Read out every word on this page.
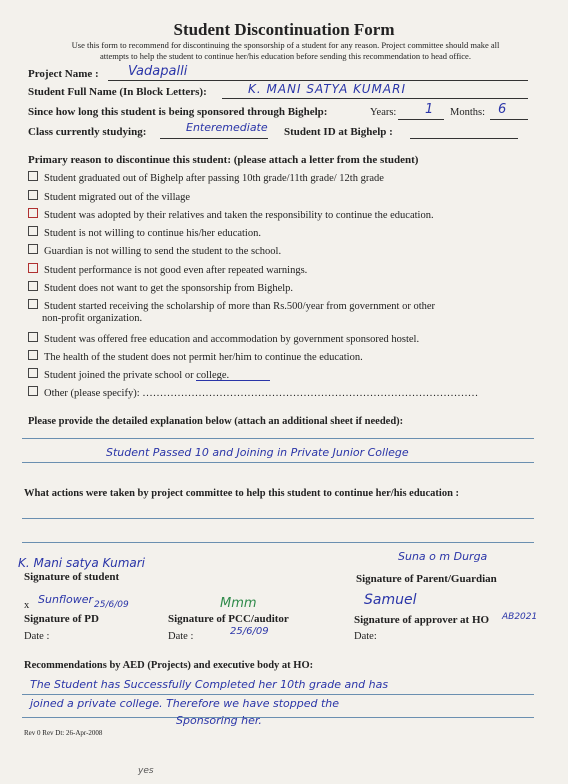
Student Discontinuation Form
Use this form to recommend for discontinuing the sponsorship of a student for any reason. Project committee should make all
attempts to help the student to continue her/his education before sending this recommendation to head office.
Project Name : Vadapalli
Student Full Name (In Block Letters):	K. MANI SATYA KUMARI
Since how long this student is being sponsored through Bighelp:	Years: 1 Months: 6
Class currently studying:	Enteremediate Student ID at Bighelp :
Primary reason to discontinue this student: (please attach a letter from the student)
Student graduated out of Bighelp after passing 10th grade/11th grade/ 12th grade
Student migrated out of the village
Student was adopted by their relatives and taken the responsibility to continue the education.
Student is not willing to continue his/her education.
Guardian is not willing to send the student to the school.
Student performance is not good even after repeated warnings.
Student does not want to get the sponsorship from Bighelp.
Student started receiving the scholarship of more than Rs.500/year from government or other
non-profit organization.
Student was offered free education and accommodation by government sponsored hostel.
The health of the student does not permit her/him to continue the education.
Student joined the private school or college.
Other (please specify): ……………………………………………………………………………………
Please provide the detailed explanation below (attach an additional sheet if needed):
Student Passed 10 and Joining in Private Junior College
What actions were taken by project committee to help this student to continue her/his education :
K. Mani satya Kumari
Signature of student
Suna o m Durga
Signature of Parent/Guardian
x Sunflower 25/6/09
Signature of PD
Date :
Mmm
Signature of PCC/auditor
Date :	25/6/09
Samuel
Signature of approver at HO AB2021
Date:
Recommendations by AED (Projects) and executive body at HO:
The Student has Successfully Completed her 10th grade and has
joined a private college. Therefore we have stopped the
Sponsoring her.
Rev 0 Rev Dt: 26-Apr-2008
yes
